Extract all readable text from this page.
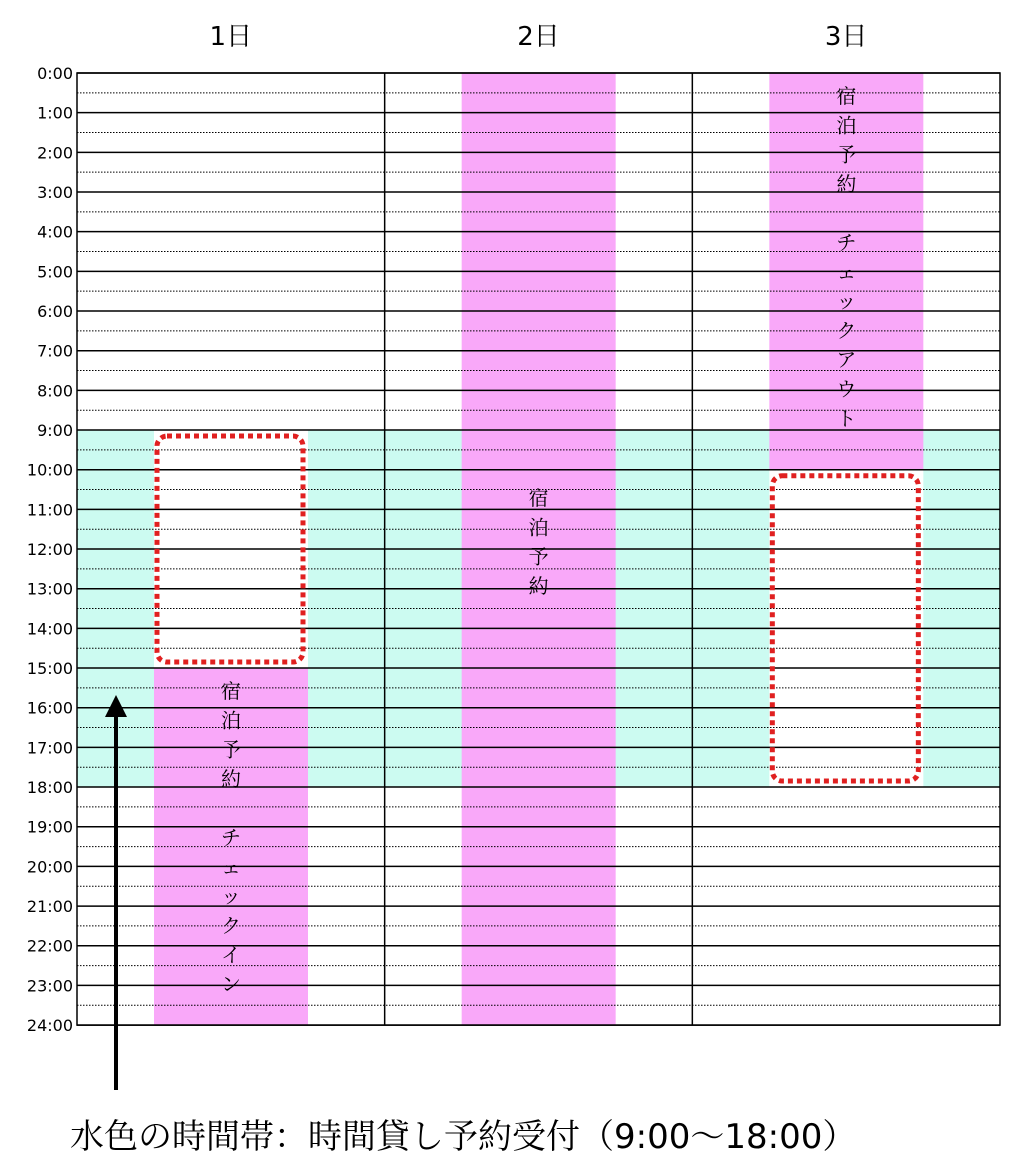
1日	2日	3日
0:00
1:00
2:00
3:00
4:00
5:00
6:00
7:00
8:00
9:00
10:00
11:00
12:00
13:00
14:00
15:00
16:00
17:00
18:00
19:00
20:00
21:00
22:00
23:00
24:00
宿
泊
予
約
チ
ェ
ッ
ク
イ
ン
宿
泊
予
約
宿
泊
予
約
チ
ェ
ッ
ク
ア
ウ
ト
水色の時間帯：時間貸し予約受付（9:00〜18:00）
